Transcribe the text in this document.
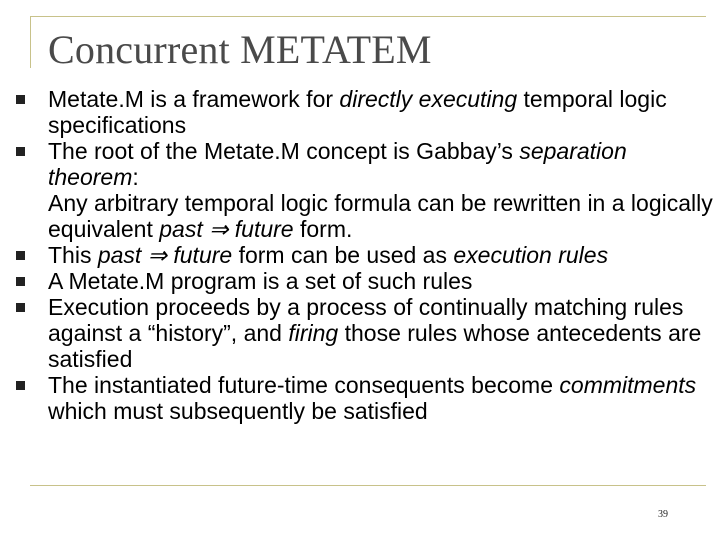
Concurrent METATEM
Metate.M is a framework for directly executing temporal logic specifications
The root of the Metate.M concept is Gabbay’s separation theorem:
Any arbitrary temporal logic formula can be rewritten in a logically equivalent past ⇒ future form.
This past ⇒ future form can be used as execution rules
A Metate.M program is a set of such rules
Execution proceeds by a process of continually matching rules against a “history”, and firing those rules whose antecedents are satisfied
The instantiated future-time consequents become commitments which must subsequently be satisfied
39
